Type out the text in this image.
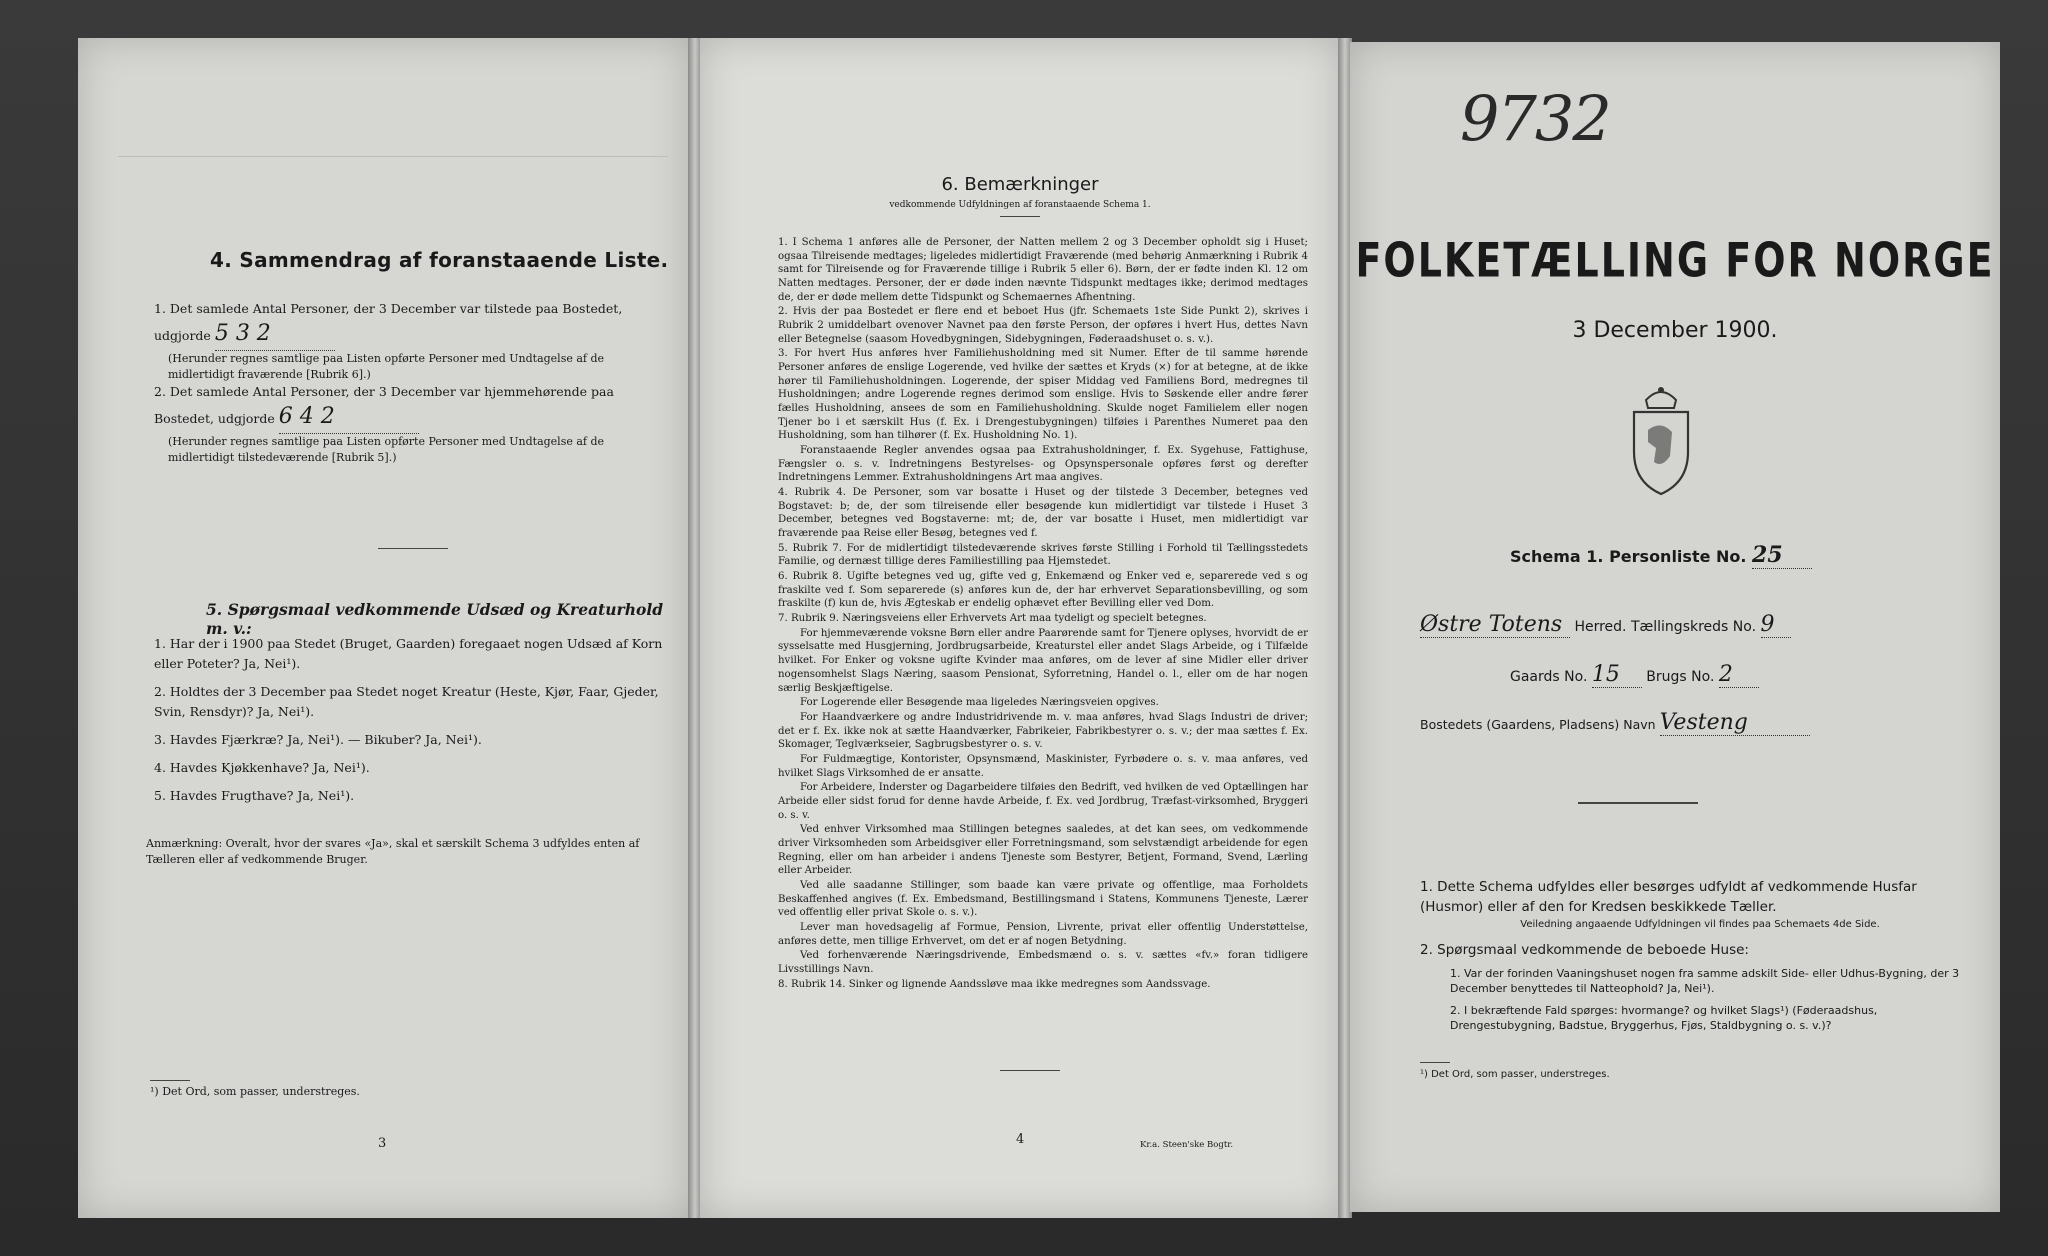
4. Sammendrag af foranstaaende Liste.
1. Det samlede Antal Personer, der 3 December var tilstede paa Bostedet,
udgjorde 5 3 2
(Herunder regnes samtlige paa Listen opførte Personer med Undtagelse af de midlertidigt fraværende [Rubrik 6].)
2. Det samlede Antal Personer, der 3 December var hjemmehørende paa
Bostedet, udgjorde 6 4 2
(Herunder regnes samtlige paa Listen opførte Personer med Undtagelse af de midlertidigt tilstedeværende [Rubrik 5].)
5. Spørgsmaal vedkommende Udsæd og Kreaturhold m. v.:
1. Har der i 1900 paa Stedet (Bruget, Gaarden) foregaaet nogen Udsæd af Korn eller Poteter? Ja, Nei¹).
2. Holdtes der 3 December paa Stedet noget Kreatur (Heste, Kjør, Faar, Gjeder, Svin, Rensdyr)? Ja, Nei¹).
3. Havdes Fjærkræ? Ja, Nei¹). — Bikuber? Ja, Nei¹).
4. Havdes Kjøkkenhave? Ja, Nei¹).
5. Havdes Frugthave? Ja, Nei¹).
Anmærkning: Overalt, hvor der svares «Ja», skal et særskilt Schema 3 udfyldes enten af Tælleren eller af vedkommende Bruger.
¹) Det Ord, som passer, understreges.
3
6. Bemærkninger
vedkommende Udfyldningen af foranstaaende Schema 1.
1. I Schema 1 anføres alle de Personer, der Natten mellem 2 og 3 December opholdt sig i Huset; ogsaa Tilreisende medtages; ligeledes midlertidigt Fraværende (med behørig Anmærkning i Rubrik 4 samt for Tilreisende og for Fraværende tillige i Rubrik 5 eller 6). Børn, der er fødte inden Kl. 12 om Natten medtages. Personer, der er døde inden nævnte Tidspunkt medtages ikke; derimod medtages de, der er døde mellem dette Tidspunkt og Schemaernes Afhentning.
2. Hvis der paa Bostedet er flere end et beboet Hus (jfr. Schemaets 1ste Side Punkt 2), skrives i Rubrik 2 umiddelbart ovenover Navnet paa den første Person, der opføres i hvert Hus, dettes Navn eller Betegnelse (saasom Hovedbygningen, Sidebygningen, Føderaadshuset o. s. v.).
3. For hvert Hus anføres hver Familiehusholdning med sit Numer. Efter de til samme hørende Personer anføres de enslige Logerende, ved hvilke der sættes et Kryds (×) for at betegne, at de ikke hører til Familiehusholdningen. Logerende, der spiser Middag ved Familiens Bord, medregnes til Husholdningen; andre Logerende regnes derimod som enslige. Hvis to Søskende eller andre fører fælles Husholdning, ansees de som en Familiehusholdning. Skulde noget Familielem eller nogen Tjener bo i et særskilt Hus (f. Ex. i Drengestubygningen) tilføies i Parenthes Numeret paa den Husholdning, som han tilhører (f. Ex. Husholdning No. 1).
Foranstaaende Regler anvendes ogsaa paa Extrahusholdninger, f. Ex. Sygehuse, Fattighuse, Fængsler o. s. v. Indretningens Bestyrelses- og Opsynspersonale opføres først og derefter Indretningens Lemmer. Extrahusholdningens Art maa angives.
4. Rubrik 4. De Personer, som var bosatte i Huset og der tilstede 3 December, betegnes ved Bogstavet: b; de, der som tilreisende eller besøgende kun midlertidigt var tilstede i Huset 3 December, betegnes ved Bogstaverne: mt; de, der var bosatte i Huset, men midlertidigt var fraværende paa Reise eller Besøg, betegnes ved f.
5. Rubrik 7. For de midlertidigt tilstedeværende skrives første Stilling i Forhold til Tællingsstedets Familie, og dernæst tillige deres Familiestilling paa Hjemstedet.
6. Rubrik 8. Ugifte betegnes ved ug, gifte ved g, Enkemænd og Enker ved e, separerede ved s og fraskilte ved f. Som separerede (s) anføres kun de, der har erhvervet Separationsbevilling, og som fraskilte (f) kun de, hvis Ægteskab er endelig ophævet efter Bevilling eller ved Dom.
7. Rubrik 9. Næringsveiens eller Erhvervets Art maa tydeligt og specielt betegnes.
For hjemmeværende voksne Børn eller andre Paarørende samt for Tjenere oplyses, hvorvidt de er sysselsatte med Husgjerning, Jordbrugsarbeide, Kreaturstel eller andet Slags Arbeide, og i Tilfælde hvilket. For Enker og voksne ugifte Kvinder maa anføres, om de lever af sine Midler eller driver nogensomhelst Slags Næring, saasom Pensionat, Syforretning, Handel o. l., eller om de har nogen særlig Beskjæftigelse.
For Logerende eller Besøgende maa ligeledes Næringsveien opgives.
For Haandværkere og andre Industridrivende m. v. maa anføres, hvad Slags Industri de driver; det er f. Ex. ikke nok at sætte Haandværker, Fabrikeier, Fabrikbestyrer o. s. v.; der maa sættes f. Ex. Skomager, Teglværkseier, Sagbrugsbestyrer o. s. v.
For Fuldmægtige, Kontorister, Opsynsmænd, Maskinister, Fyrbødere o. s. v. maa anføres, ved hvilket Slags Virksomhed de er ansatte.
For Arbeidere, Inderster og Dagarbeidere tilføies den Bedrift, ved hvilken de ved Optællingen har Arbeide eller sidst forud for denne havde Arbeide, f. Ex. ved Jordbrug, Træfast-virksomhed, Bryggeri o. s. v.
Ved enhver Virksomhed maa Stillingen betegnes saaledes, at det kan sees, om vedkommende driver Virksomheden som Arbeidsgiver eller Forretningsmand, som selvstændigt arbeidende for egen Regning, eller om han arbeider i andens Tjeneste som Bestyrer, Betjent, Formand, Svend, Lærling eller Arbeider.
Ved alle saadanne Stillinger, som baade kan være private og offentlige, maa Forholdets Beskaffenhed angives (f. Ex. Embedsmand, Bestillingsmand i Statens, Kommunens Tjeneste, Lærer ved offentlig eller privat Skole o. s. v.).
Lever man hovedsagelig af Formue, Pension, Livrente, privat eller offentlig Understøttelse, anføres dette, men tillige Erhvervet, om det er af nogen Betydning.
Ved forhenværende Næringsdrivende, Embedsmænd o. s. v. sættes «fv.» foran tidligere Livsstillings Navn.
8. Rubrik 14. Sinker og lignende Aandssløve maa ikke medregnes som Aandssvage.
4	Kr.a. Steen'ske Bogtr.
9732
FOLKETÆLLING FOR NORGE
3 December 1900.
Schema 1. Personliste No. 25
Østre Totens Herred. Tællingskreds No. 9
Gaards No. 15 Brugs No. 2
Bostedets (Gaardens, Pladsens) Navn Vesteng
1. Dette Schema udfyldes eller besørges udfyldt af vedkommende Husfar (Husmor) eller af den for Kredsen beskikkede Tæller.
Veiledning angaaende Udfyldningen vil findes paa Schemaets 4de Side.
2. Spørgsmaal vedkommende de beboede Huse:
1. Var der forinden Vaaningshuset nogen fra samme adskilt Side- eller Udhus-Bygning, der 3 December benyttedes til Natteophold? Ja, Nei¹).
2. I bekræftende Fald spørges: hvormange? og hvilket Slags¹) (Føderaadshus, Drengestubygning, Badstue, Bryggerhus, Fjøs, Staldbygning o. s. v.)?
¹) Det Ord, som passer, understreges.
